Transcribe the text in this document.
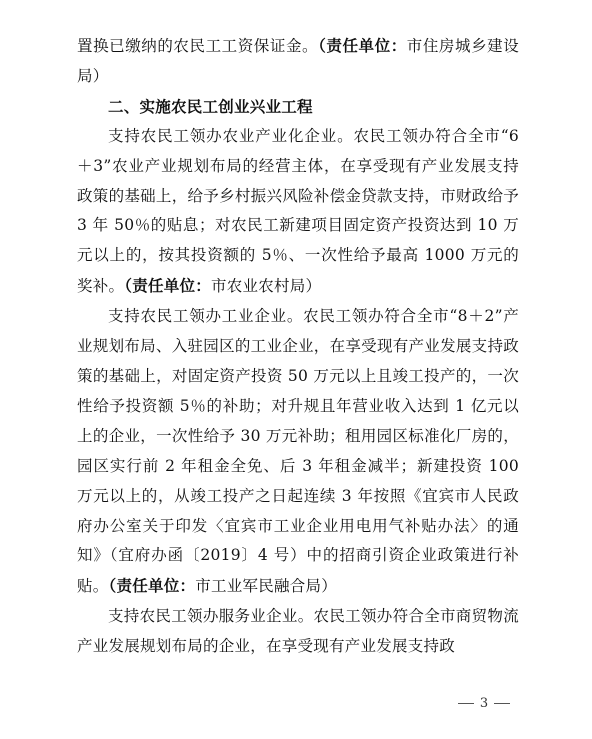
置换已缴纳的农民工工资保证金。（责任单位：市住房城乡建设局）

二、实施农民工创业兴业工程

支持农民工领办农业产业化企业。农民工领办符合全市“6＋3”农业产业规划布局的经营主体，在享受现有产业发展支持政策的基础上，给予乡村振兴风险补偿金贷款支持，市财政给予 3 年 50％的贴息；对农民工新建项目固定资产投资达到 10 万元以上的，按其投资额的 5％、一次性给予最高 1000 万元的奖补。（责任单位：市农业农村局）

支持农民工领办工业企业。农民工领办符合全市“8＋2”产业规划布局、入驻园区的工业企业，在享受现有产业发展支持政策的基础上，对固定资产投资 50 万元以上且竣工投产的，一次性给予投资额 5％的补助；对升规且年营业收入达到 1 亿元以上的企业，一次性给予 30 万元补助；租用园区标准化厂房的，园区实行前 2 年租金全免、后 3 年租金减半；新建投资 100 万元以上的，从竣工投产之日起连续 3 年按照《宜宾市人民政府办公室关于印发〈宜宾市工业企业用电用气补贴办法〉的通知》（宜府办函〔2019〕4 号）中的招商引资企业政策进行补贴。（责任单位：市工业军民融合局）

支持农民工领办服务业企业。农民工领办符合全市商贸物流产业发展规划布局的企业，在享受现有产业发展支持政

3
